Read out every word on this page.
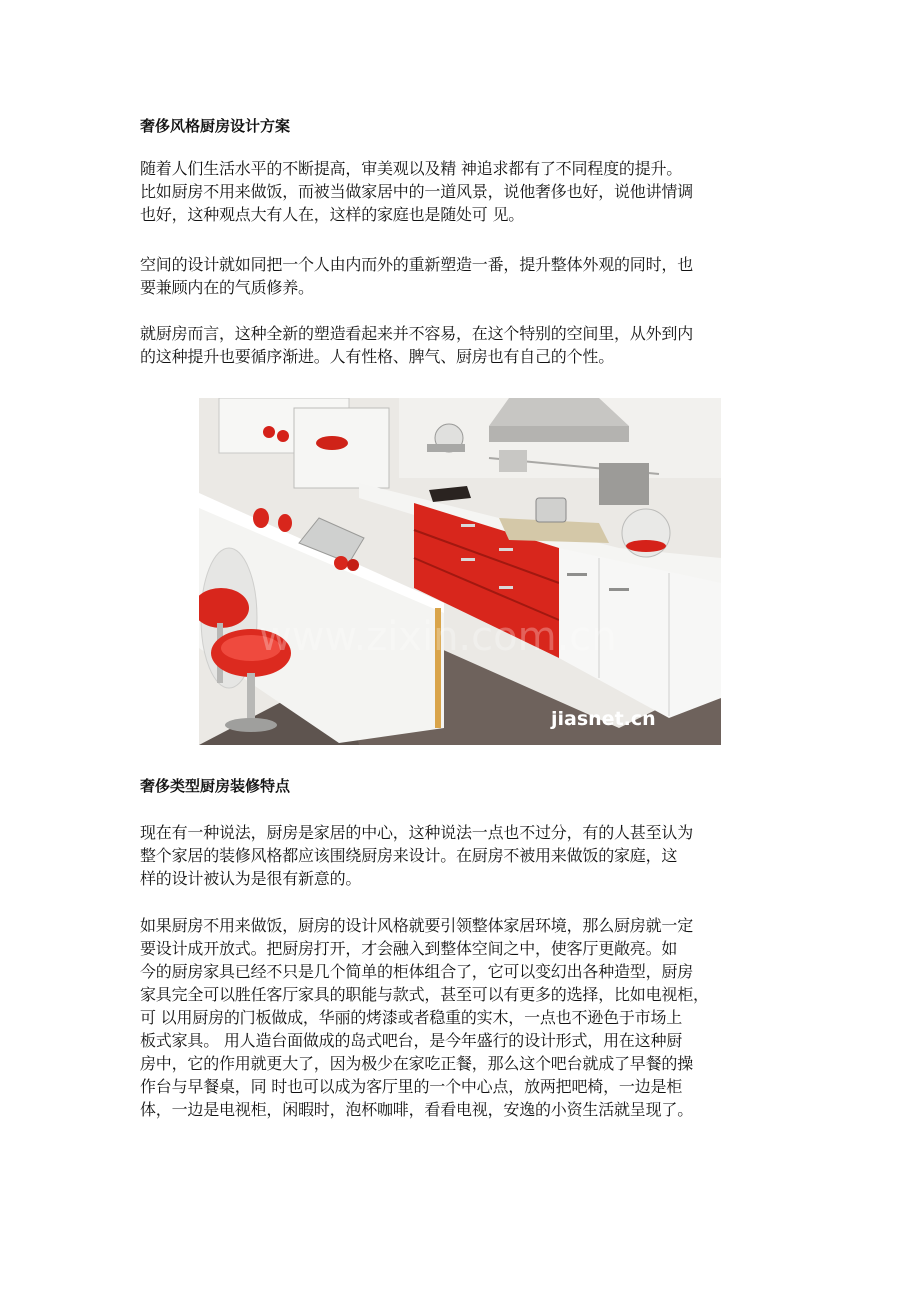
奢侈风格厨房设计方案
随着人们生活水平的不断提高，审美观以及精 神追求都有了不同程度的提升。
比如厨房不用来做饭，而被当做家居中的一道风景，说他奢侈也好，说他讲情调
也好，这种观点大有人在，这样的家庭也是随处可 见。
空间的设计就如同把一个人由内而外的重新塑造一番，提升整体外观的同时，也
要兼顾内在的气质修养。
就厨房而言，这种全新的塑造看起来并不容易，在这个特别的空间里，从外到内
的这种提升也要循序渐进。人有性格、脾气、厨房也有自己的个性。
奢侈类型厨房装修特点
现在有一种说法，厨房是家居的中心，这种说法一点也不过分，有的人甚至认为
整个家居的装修风格都应该围绕厨房来设计。在厨房不被用来做饭的家庭，这
样的设计被认为是很有新意的。
如果厨房不用来做饭，厨房的设计风格就要引领整体家居环境，那么厨房就一定
要设计成开放式。把厨房打开，才会融入到整体空间之中，使客厅更敞亮。如
今的厨房家具已经不只是几个简单的柜体组合了，它可以变幻出各种造型，厨房
家具完全可以胜任客厅家具的职能与款式，甚至可以有更多的选择，比如电视柜，
可 以用厨房的门板做成，华丽的烤漆或者稳重的实木，一点也不逊色于市场上
板式家具。 用人造台面做成的岛式吧台，是今年盛行的设计形式，用在这种厨
房中，它的作用就更大了，因为极少在家吃正餐，那么这个吧台就成了早餐的操
作台与早餐桌，同 时也可以成为客厅里的一个中心点，放两把吧椅，一边是柜
体，一边是电视柜，闲暇时，泡杯咖啡，看看电视，安逸的小资生活就呈现了。
www.zixin.com.cn
jiasnet.cn
